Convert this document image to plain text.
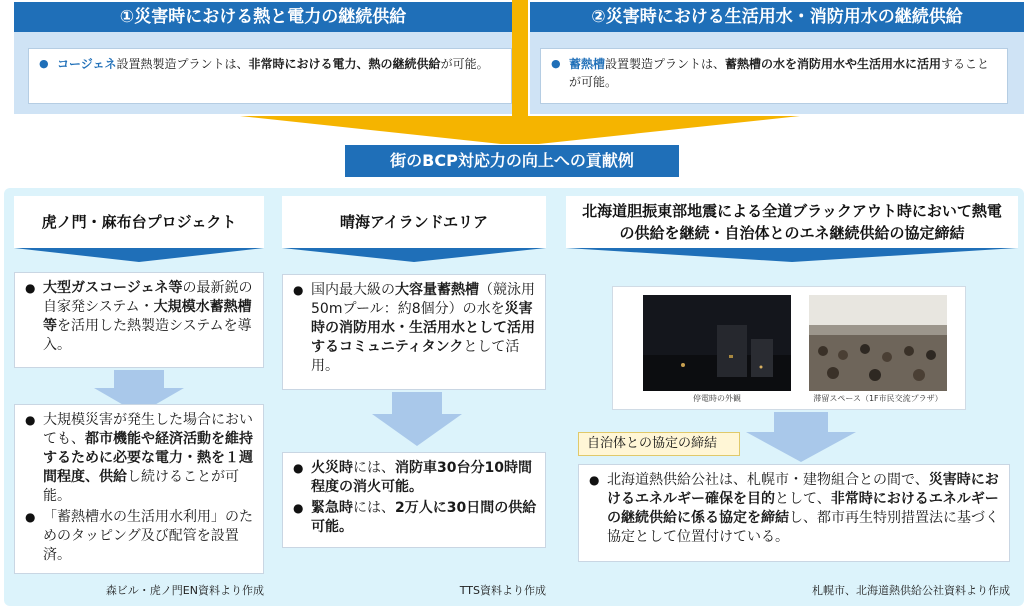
①災害時における熱と電力の継続供給
● コージェネ設置熱製造プラントは、非常時における電力、熱の継続供給が可能。
②災害時における生活用水・消防用水の継続供給
● 蓄熱槽設置製造プラントは、蓄熱槽の水を消防用水や生活用水に活用することが可能。
街のBCP対応力の向上への貢献例
虎ノ門・麻布台プロジェクト
● 大型ガスコージェネ等の最新鋭の自家発システム・大規模水蓄熱槽等を活用した熱製造システムを導入。
● 大規模災害が発生した場合においても、都市機能や経済活動を維持するために必要な電力・熱を１週間程度、供給し続けることが可能。
● 「蓄熱槽水の生活用水利用」のためのタッピング及び配管を設置済。
森ビル・虎ノ門EN資料より作成
晴海アイランドエリア
● 国内最大級の大容量蓄熱槽（競泳用50mプール：約8個分）の水を災害時の消防用水・生活用水として活用するコミュニティタンクとして活用。
● 火災時には、消防車30台分10時間程度の消火可能。
● 緊急時には、2万人に30日間の供給可能。
TTS資料より作成
北海道胆振東部地震による全道ブラックアウト時において熱電の供給を継続・自治体とのエネ継続供給の協定締結
停電時の外観	滞留スペース（1F市民交流プラザ）
自治体との協定の締結
● 北海道熱供給公社は、札幌市・建物組合との間で、災害時におけるエネルギー確保を目的として、非常時におけるエネルギーの継続供給に係る協定を締結し、都市再生特別措置法に基づく協定として位置付けている。
札幌市、北海道熱供給公社資料より作成
